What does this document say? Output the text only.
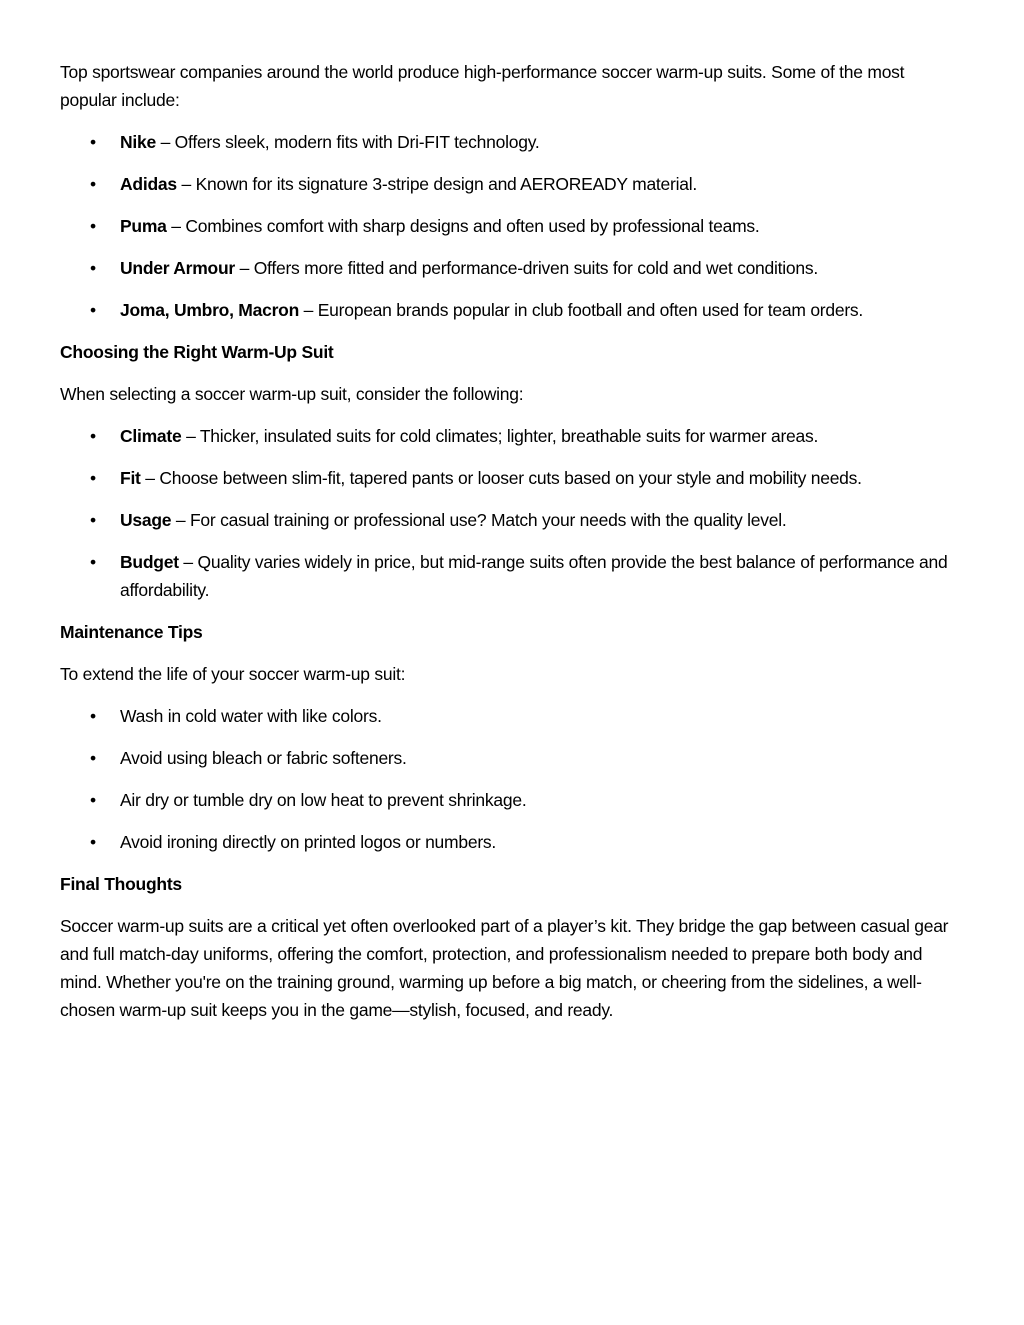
Top sportswear companies around the world produce high-performance soccer warm-up suits. Some of the most popular include:

•	Nike – Offers sleek, modern fits with Dri-FIT technology.
•	Adidas – Known for its signature 3-stripe design and AEROREADY material.
•	Puma – Combines comfort with sharp designs and often used by professional teams.
•	Under Armour – Offers more fitted and performance-driven suits for cold and wet conditions.
•	Joma, Umbro, Macron – European brands popular in club football and often used for team orders.
Choosing the Right Warm-Up Suit

When selecting a soccer warm-up suit, consider the following:

•	Climate – Thicker, insulated suits for cold climates; lighter, breathable suits for warmer areas.
•	Fit – Choose between slim-fit, tapered pants or looser cuts based on your style and mobility needs.
•	Usage – For casual training or professional use? Match your needs with the quality level.
•	Budget – Quality varies widely in price, but mid-range suits often provide the best balance of performance and affordability.
Maintenance Tips

To extend the life of your soccer warm-up suit:

•	Wash in cold water with like colors.
•	Avoid using bleach or fabric softeners.
•	Air dry or tumble dry on low heat to prevent shrinkage.
•	Avoid ironing directly on printed logos or numbers.
Final Thoughts

Soccer warm-up suits are a critical yet often overlooked part of a player’s kit. They bridge the gap between casual gear and full match-day uniforms, offering the comfort, protection, and professionalism needed to prepare both body and mind. Whether you're on the training ground, warming up before a big match, or cheering from the sidelines, a well-chosen warm-up suit keeps you in the game—stylish, focused, and ready.
